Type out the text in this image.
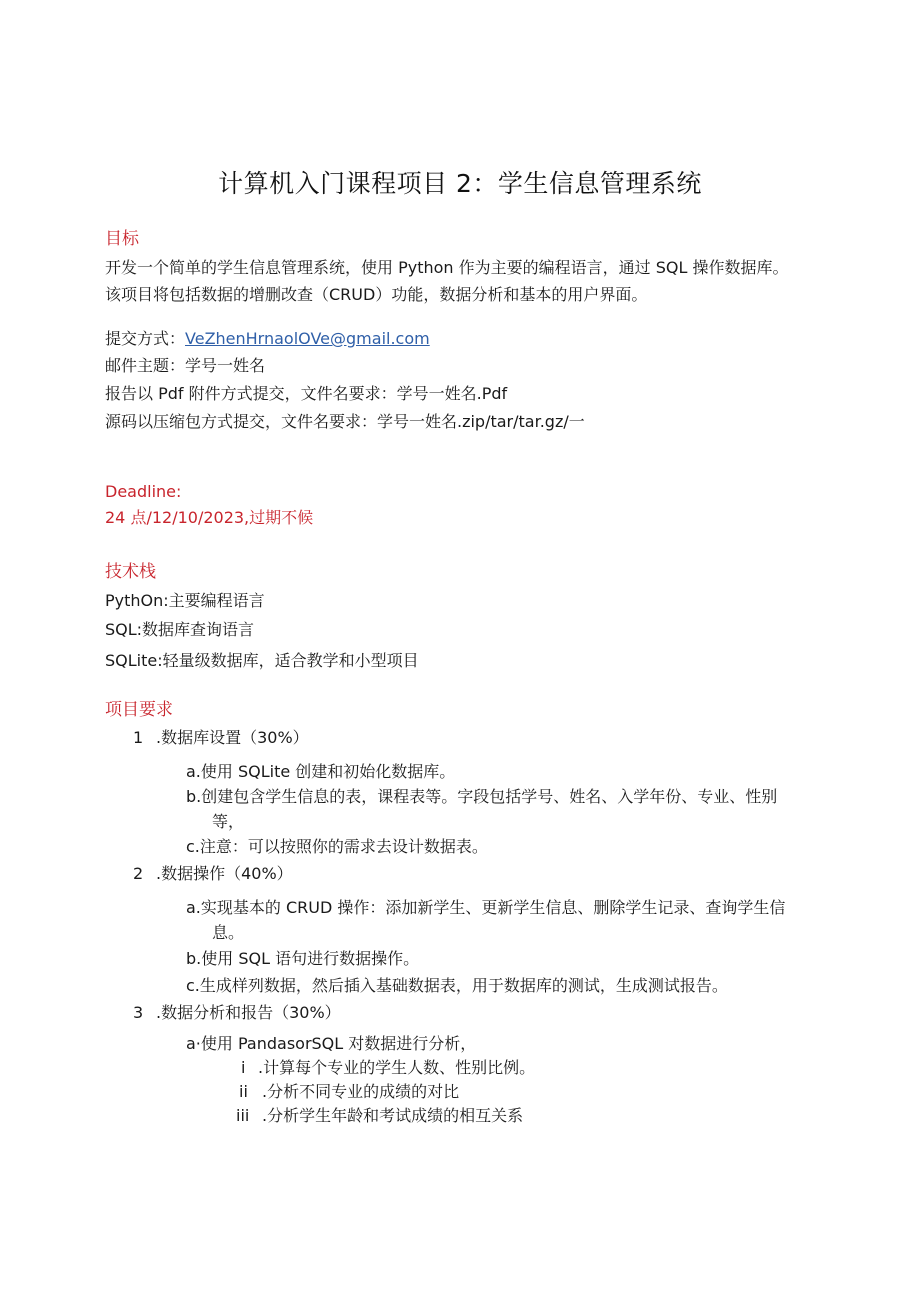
计算机入门课程项目 2：学生信息管理系统
目标
开发一个简单的学生信息管理系统，使用 Python 作为主要的编程语言，通过 SQL 操作数据库。
该项目将包括数据的增删改查（CRUD）功能，数据分析和基本的用户界面。
提交方式：VeZhenHrnaolOVe@gmail.com
邮件主题：学号一姓名
报告以 Pdf 附件方式提交，文件名要求：学号一姓名.Pdf
源码以压缩包方式提交，文件名要求：学号一姓名.zip/tar/tar.gz/一
Deadline:
24 点/12/10/2023,过期不候
技术栈
PythOn:主要编程语言
SQL:数据库查询语言
SQLite:轻量级数据库，适合教学和小型项目
项目要求
1 .数据库设置（30%）
a.使用 SQLite 创建和初始化数据库。
b.创建包含学生信息的表，课程表等。字段包括学号、姓名、入学年份、专业、性别
等，
c.注意：可以按照你的需求去设计数据表。
2 .数据操作（40%）
a.实现基本的 CRUD 操作：添加新学生、更新学生信息、删除学生记录、查询学生信
息。
b.使用 SQL 语句进行数据操作。
c.生成样列数据，然后插入基础数据表，用于数据库的测试，生成测试报告。
3 .数据分析和报告（30%）
a·使用 PandasorSQL 对数据进行分析，
i .计算每个专业的学生人数、性别比例。
ii .分析不同专业的成绩的对比
iii .分析学生年龄和考试成绩的相互关系
